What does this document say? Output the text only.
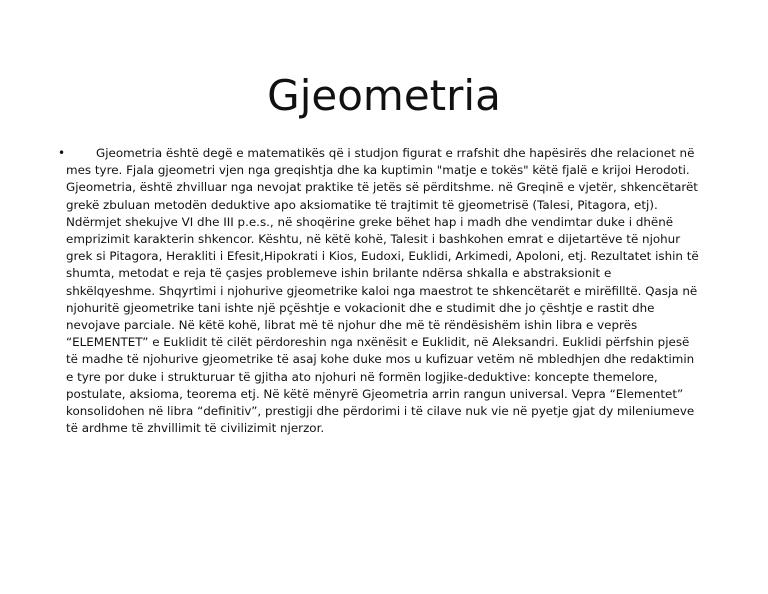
Gjeometria
•	Gjeometria është degë e matematikës që i studjon figurat e rrafshit dhe hapësirës dhe relacionet në mes tyre. Fjala gjeometri vjen nga greqishtja dhe ka kuptimin "matje e tokës" këtë fjalë e krijoi Herodoti. Gjeometria, është zhvilluar nga nevojat praktike të jetës së përditshme. në Greqinë e vjetër, shkencëtarët grekë zbuluan metodën deduktive apo aksiomatike të trajtimit të gjeometrisë (Talesi, Pitagora, etj). Ndërmjet shekujve VI dhe III p.e.s., në shoqërine greke bëhet hap i madh dhe vendimtar duke i dhënë emprizimit karakterin shkencor. Kështu, në këtë kohë, Talesit i bashkohen emrat e dijetartëve të njohur grek si Pitagora, Herakliti i Efesit,Hipokrati i Kios, Eudoxi, Euklidi, Arkimedi, Apoloni, etj. Rezultatet ishin të shumta, metodat e reja të çasjes problemeve ishin brilante ndërsa shkalla e abstraksionit e shkëlqyeshme. Shqyrtimi i njohurive gjeometrike kaloi nga maestrot te shkencëtarët e mirëfilltë. Qasja në njohuritë gjeometrike tani ishte një pçështje e vokacionit dhe e studimit dhe jo çështje e rastit dhe nevojave parciale. Në këtë kohë, librat më të njohur dhe më të rëndësishëm ishin libra e veprës “ELEMENTET” e Euklidit të cilët përdoreshin nga nxënësit e Euklidit, në Aleksandri. Euklidi përfshin pjesë të madhe të njohurive gjeometrike të asaj kohe duke mos u kufizuar vetëm në mbledhjen dhe redaktimin e tyre por duke i strukturuar të gjitha ato njohuri në formën logjike-deduktive: koncepte themelore, postulate, aksioma, teorema etj. Në këtë mënyrë Gjeometria arrin rangun universal. Vepra “Elementet” konsolidohen në libra “definitiv”, prestigji dhe përdorimi i të cilave nuk vie në pyetje gjat dy mileniumeve të ardhme të zhvillimit të civilizimit njerzor.
